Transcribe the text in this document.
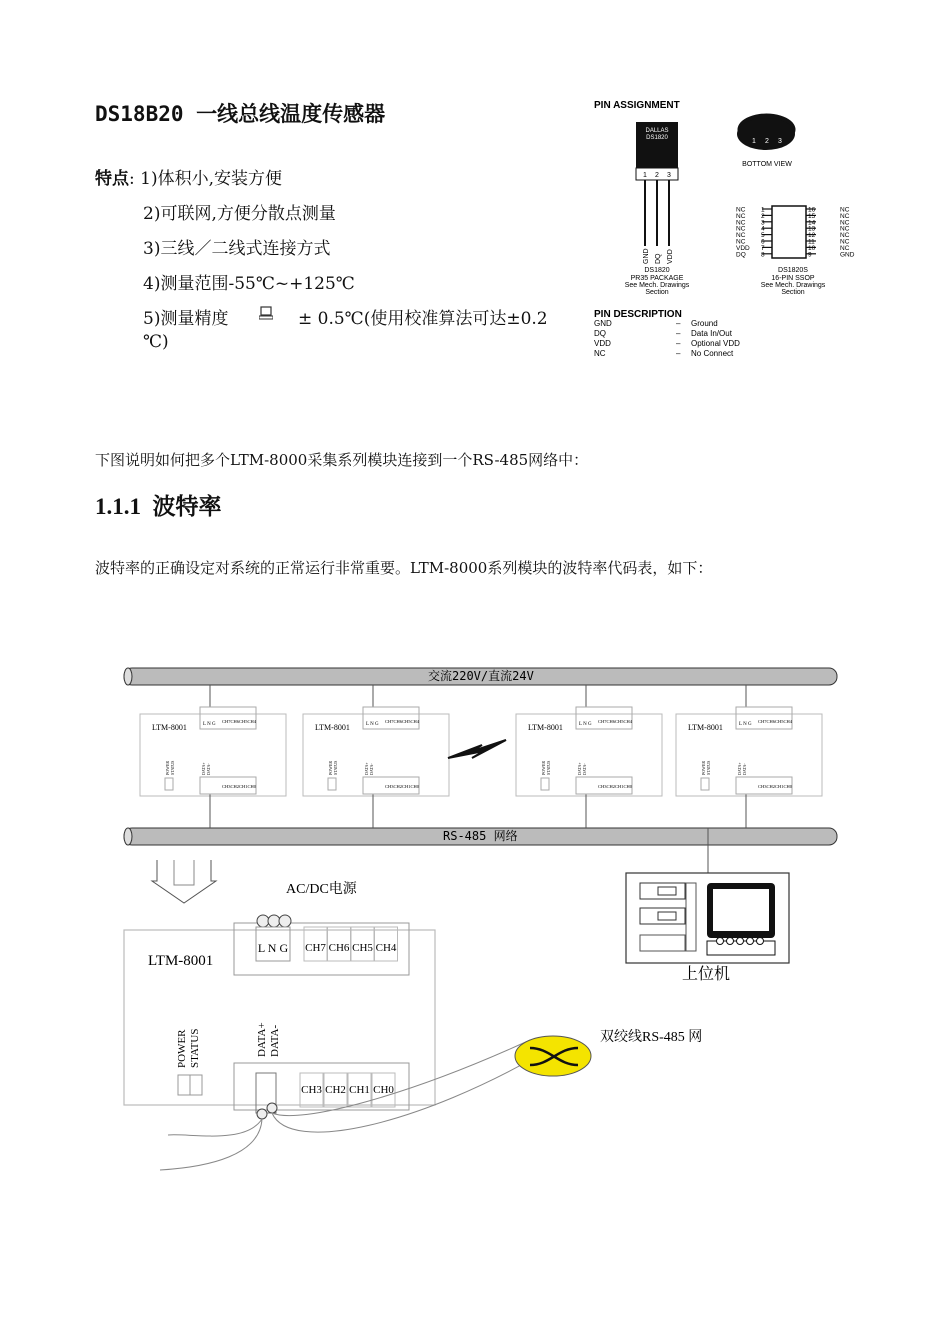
DS18B20 一线总线温度传感器
特点: 1)体积小,安装方便
2)可联网,方便分散点测量
3)三线／二线式连接方式
4)测量范围-55℃~+125℃
5)测量精度	± 0.5℃(使用校准算法可达±0.2
℃)
下图说明如何把多个LTM-8000采集系列模块连接到一个RS-485网络中：
1.1.1 波特率
波特率的正确设定对系统的正常运行非常重要。LTM-8000系列模块的波特率代码表，如下：
PIN ASSIGNMENT
DALLAS
DS1820
1 2 3
GND DQ VDD
DS1820
PR35 PACKAGE
See Mech. Drawings
Section
1 2 3
BOTTOM VIEW
NC 1
NC 2
NC 3
NC 4
NC 5
NC 6
VDD 7
DQ 8
16	NC
15	NC
14	NC
13	NC
12	NC
11	NC
10	NC
9	GND
DS1820S
16-PIN SSOP
See Mech. Drawings
Section
PIN DESCRIPTION
GND	– Ground
DQ	– Data In/Out
VDD	– Optional VDD
NC	– No Connect
交流220V/直流24V
RS-485 网络
LTM-8001	L N G
CH7 CH6 CH5 CH4
CH3 CH2 CH1 CH0
POWER STATUS	DATA+ DATA-
LTM-8001	L N G
CH7 CH6 CH5 CH4
CH3 CH2 CH1 CH0
POWER STATUS	DATA+ DATA-
LTM-8001	L N G
CH7 CH6 CH5 CH4
CH3 CH2 CH1 CH0
POWER STATUS	DATA+ DATA-
LTM-8001	L N G
CH7 CH6 CH5 CH4
CH3 CH2 CH1 CH0
POWER STATUS	DATA+ DATA-
AC/DC电源
LTM-8001
L N G CH7 CH6 CH5 CH4
POWER STATUS	DATA+ DATA-
CH3 CH2 CH1 CH0
双绞线RS-485 网
上位机
